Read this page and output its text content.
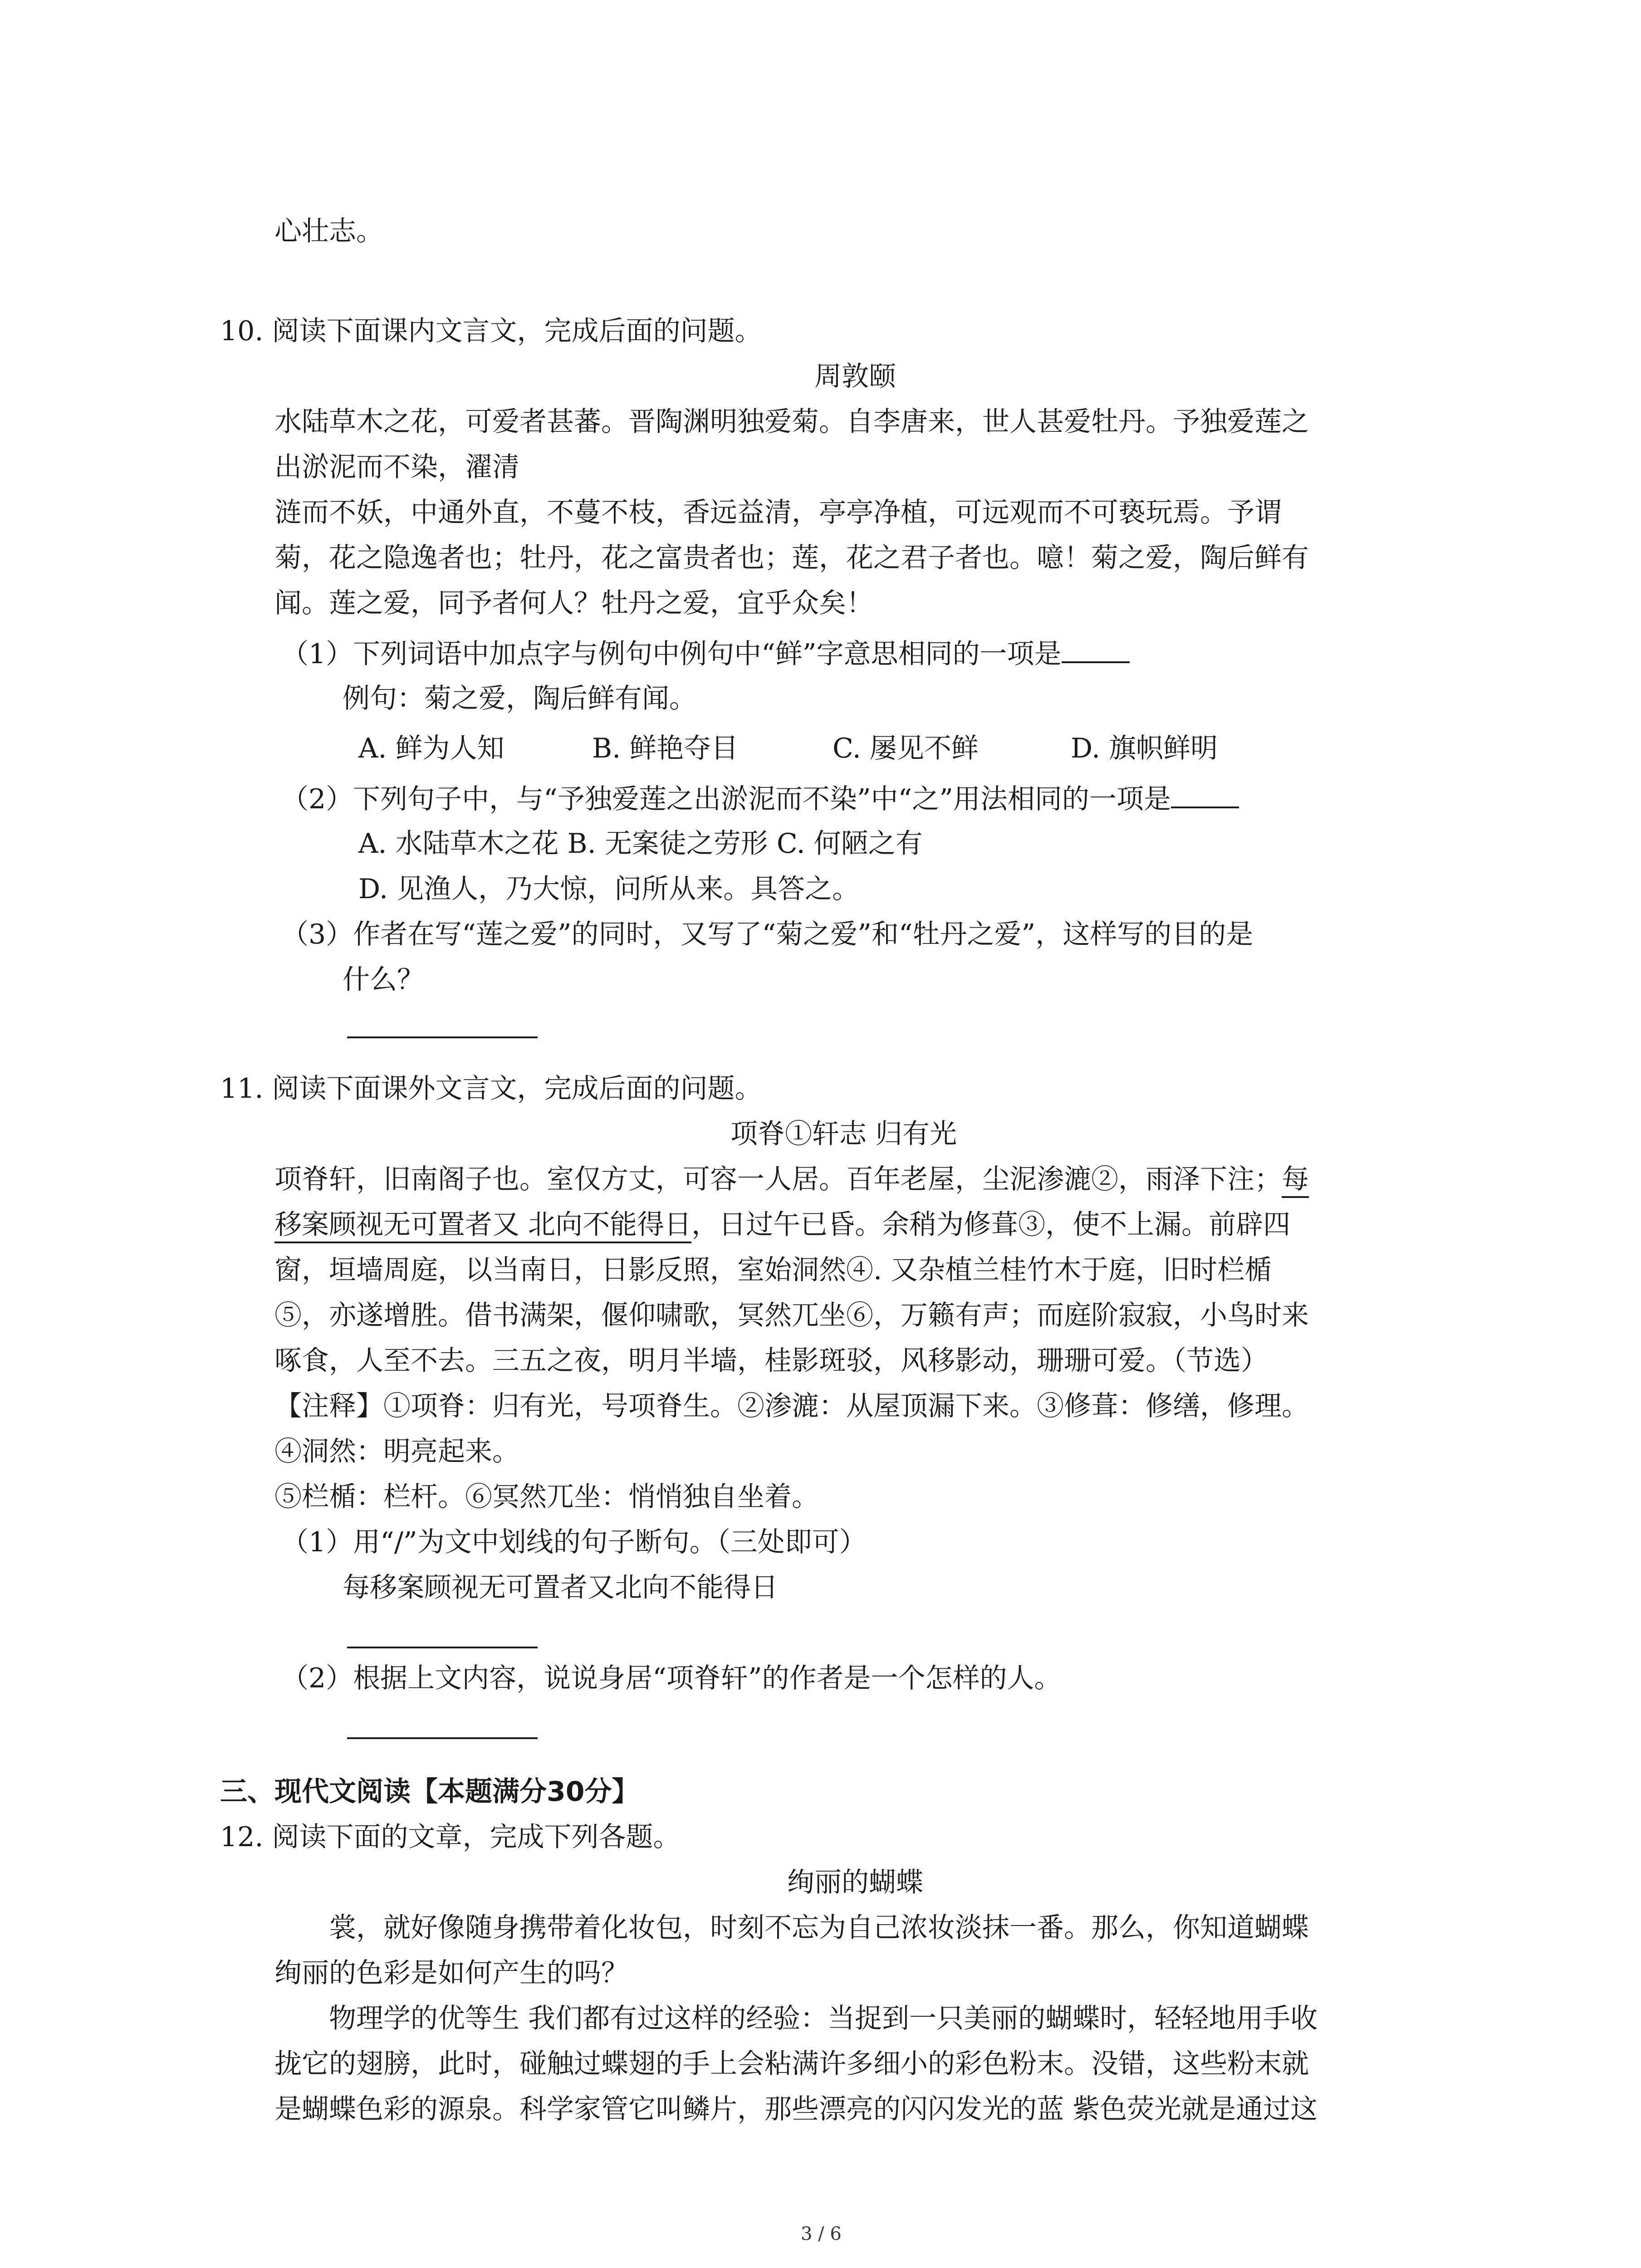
心壮志。
10. 阅读下面课内文言文，完成后面的问题。
周敦颐
水陆草木之花，可爱者甚蕃。晋陶渊明独爱菊。自李唐来，世人甚爱牡丹。予独爱莲之
出淤泥而不染，濯清
涟而不妖，中通外直，不蔓不枝，香远益清，亭亭净植，可远观而不可亵玩焉。予谓
菊，花之隐逸者也；牡丹，花之富贵者也；莲，花之君子者也。噫！菊之爱，陶后鲜有
闻。莲之爱，同予者何人？牡丹之爱，宜乎众矣！
（1）下列词语中加点字与例句中例句中“鲜”字意思相同的一项是
例句：菊之爱，陶后鲜有闻。
A. 鲜为人知	B. 鲜艳夺目	C. 屡见不鲜	D. 旗帜鲜明
（2）下列句子中，与“予独爱莲之出淤泥而不染”中“之”用法相同的一项是
A. 水陆草木之花 B. 无案徒之劳形 C. 何陋之有
D. 见渔人，乃大惊，问所从来。具答之。
（3）作者在写“莲之爱”的同时，又写了“菊之爱”和“牡丹之爱”，这样写的目的是
什么？
11. 阅读下面课外文言文，完成后面的问题。
项脊①轩志 归有光
项脊轩，旧南阁子也。室仅方丈，可容一人居。百年老屋，尘泥渗漉②，雨泽下注；每
移案顾视无可置者又 北向不能得日，日过午已昏。余稍为修葺③，使不上漏。前辟四
窗，垣墙周庭，以当南日，日影反照，室始洞然④. 又杂植兰桂竹木于庭，旧时栏楯
⑤，亦遂增胜。借书满架，偃仰啸歌，冥然兀坐⑥，万籁有声；而庭阶寂寂，小鸟时来
啄食，人至不去。三五之夜，明月半墙，桂影斑驳，风移影动，珊珊可爱。（节选）
【注释】①项脊：归有光，号项脊生。②渗漉：从屋顶漏下来。③修葺：修缮，修理。
④洞然：明亮起来。
⑤栏楯：栏杆。⑥冥然兀坐：悄悄独自坐着。
（1）用“/”为文中划线的句子断句。（三处即可）
每移案顾视无可置者又北向不能得日
（2）根据上文内容，说说身居“项脊轩”的作者是一个怎样的人。
三、现代文阅读【本题满分30分】
12. 阅读下面的文章，完成下列各题。
绚丽的蝴蝶
裳，就好像随身携带着化妆包，时刻不忘为自己浓妆淡抹一番。那么，你知道蝴蝶
绚丽的色彩是如何产生的吗？
物理学的优等生 我们都有过这样的经验：当捉到一只美丽的蝴蝶时，轻轻地用手收
拢它的翅膀，此时，碰触过蝶翅的手上会粘满许多细小的彩色粉末。没错，这些粉末就
是蝴蝶色彩的源泉。科学家管它叫鳞片，那些漂亮的闪闪发光的蓝 紫色荧光就是通过这
3 / 6
